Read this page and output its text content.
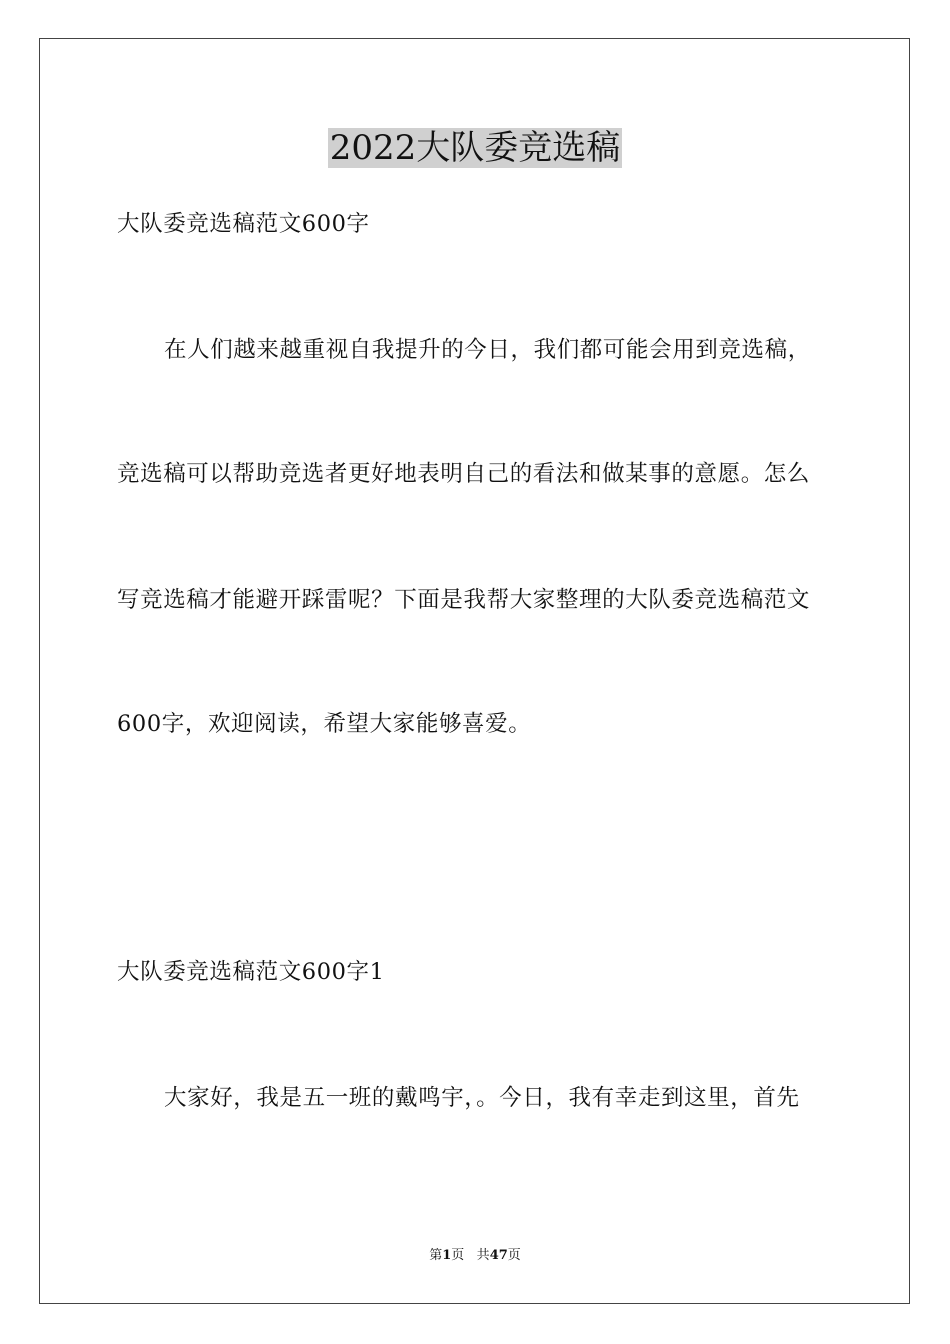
2022大队委竞选稿
大队委竞选稿范文600字
在人们越来越重视自我提升的今日，我们都可能会用到竞选稿，
竞选稿可以帮助竞选者更好地表明自己的看法和做某事的意愿。怎么
写竞选稿才能避开踩雷呢？下面是我帮大家整理的大队委竞选稿范文
600字，欢迎阅读，希望大家能够喜爱。
大队委竞选稿范文600字1
大家好，我是五一班的戴鸣宇，。今日，我有幸走到这里，首先
第1页 共47页
